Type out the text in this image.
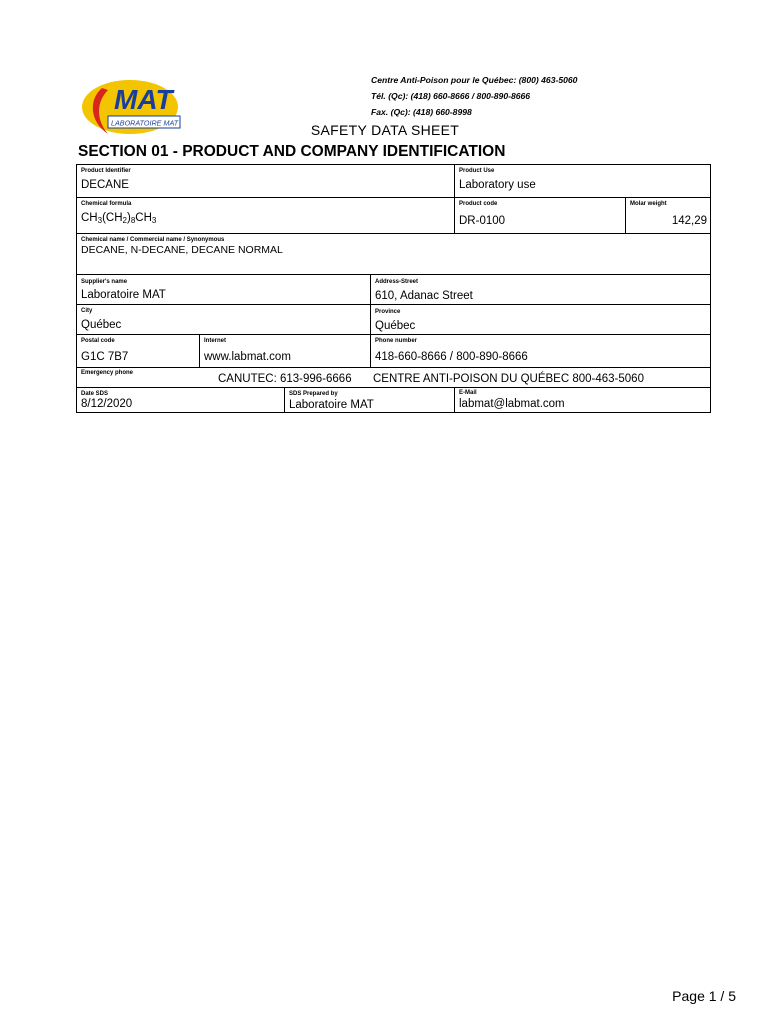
MAT
LABORATOIRE MAT
Centre Anti-Poison pour le Québec: (800) 463-5060
Tél. (Qc): (418) 660-8666 / 800-890-8666
Fax. (Qc): (418) 660-8998
SAFETY DATA SHEET
SECTION 01 - PRODUCT AND COMPANY IDENTIFICATION
Product Identifier
DECANE
Product Use
Laboratory use
Chemical formula
$CH_3(CH_2)_8CH_3$
Product code
DR-0100
Molar weight
142,29
Chemical name / Commercial name / Synonymous
DECANE, N-DECANE, DECANE NORMAL
Supplier's name
Laboratoire MAT
Address-Street
610, Adanac Street
City
Québec
Province
Québec
Postal code
G1C 7B7
Internet
www.labmat.com
Phone number
418-660-8666 / 800-890-8666
Emergency phone	CANUTEC: 613-996-6666 CENTRE ANTI-POISON DU QUÉBEC 800-463-5060
Date SDS
8/12/2020
SDS Prepared by
Laboratoire MAT
E-Mail
labmat@labmat.com
Page 1 / 5
